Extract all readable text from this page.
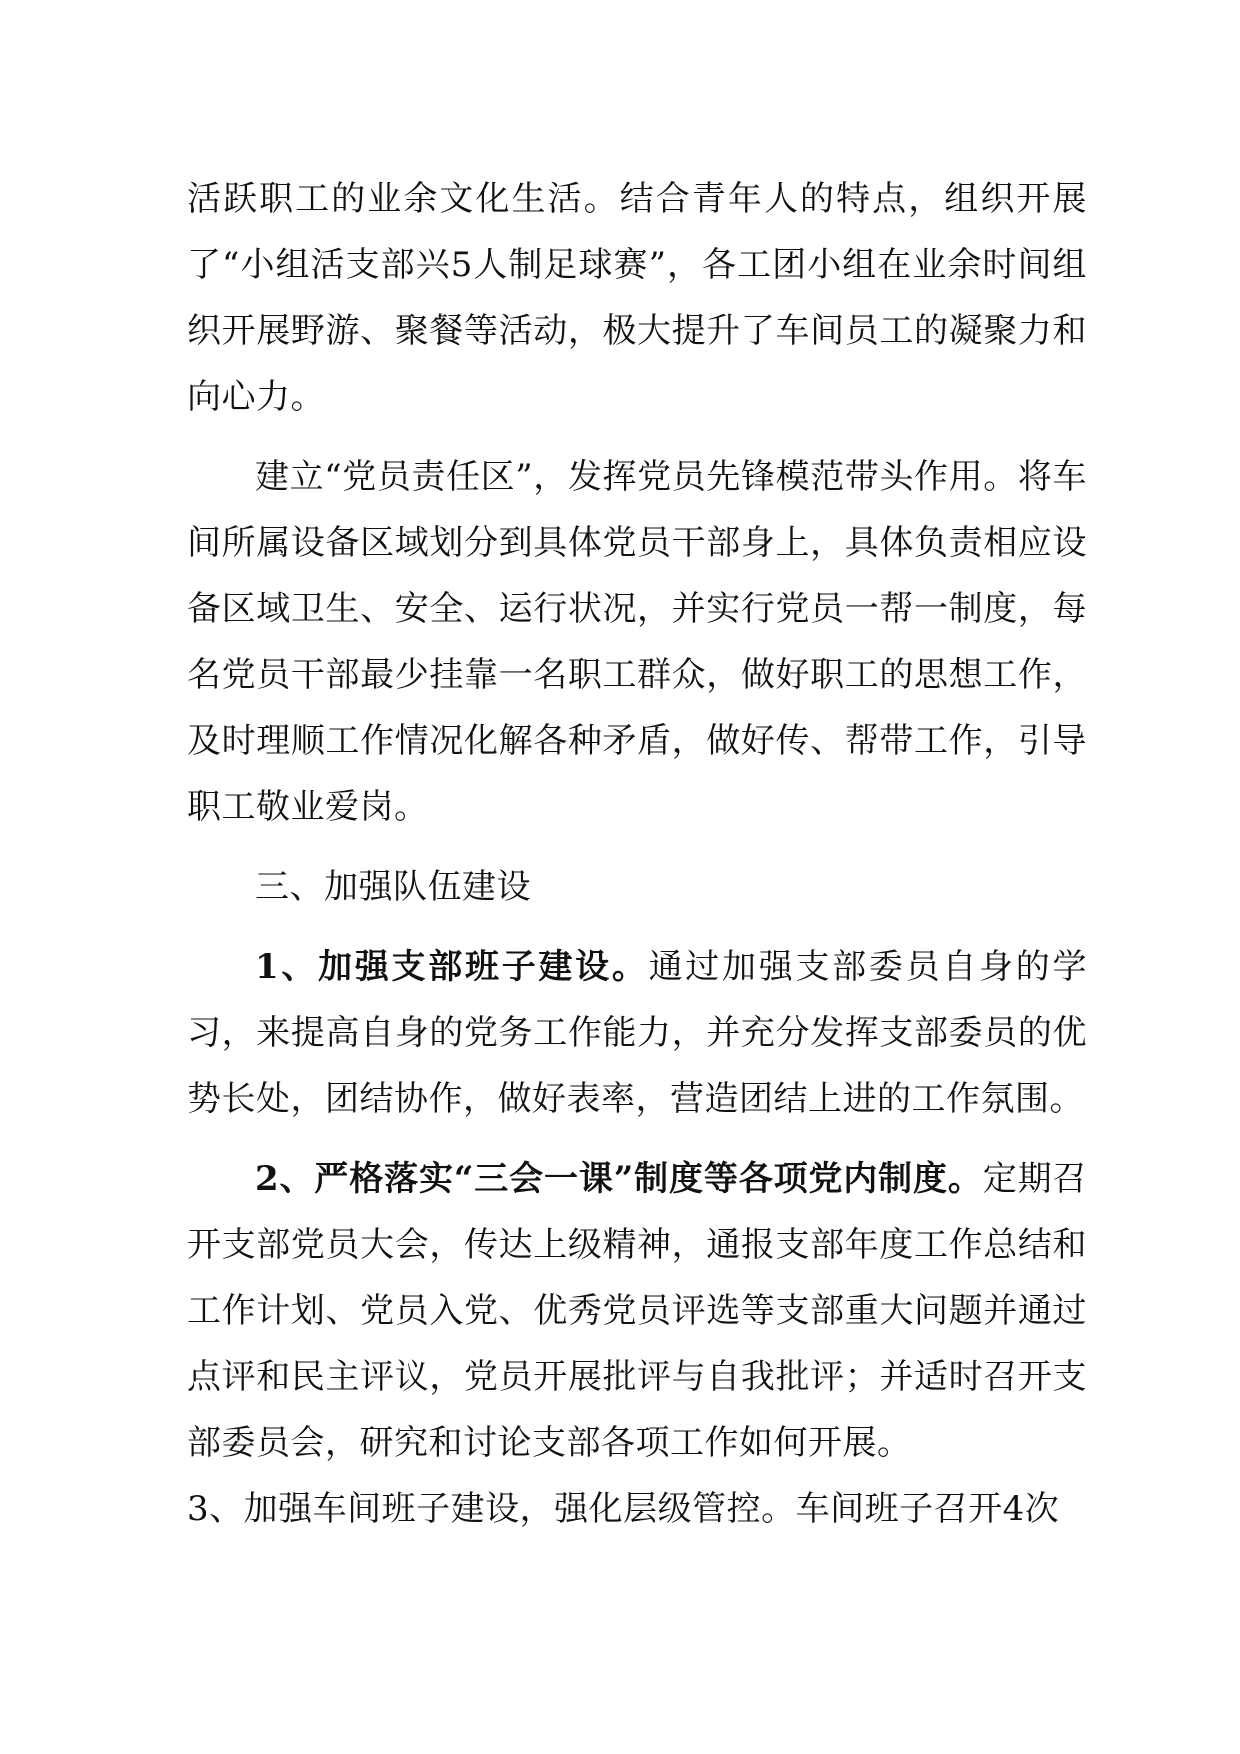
活跃职工的业余文化生活。结合青年人的特点，组织开展了“小组活支部兴5人制足球赛”，各工团小组在业余时间组织开展野游、聚餐等活动，极大提升了车间员工的凝聚力和向心力。

建立“党员责任区”，发挥党员先锋模范带头作用。将车间所属设备区域划分到具体党员干部身上，具体负责相应设备区域卫生、安全、运行状况，并实行党员一帮一制度，每名党员干部最少挂靠一名职工群众，做好职工的思想工作，及时理顺工作情况化解各种矛盾，做好传、帮带工作，引导职工敬业爱岗。

三、加强队伍建设

1、加强支部班子建设。通过加强支部委员自身的学习，来提高自身的党务工作能力，并充分发挥支部委员的优势长处，团结协作，做好表率，营造团结上进的工作氛围。

2、严格落实“三会一课”制度等各项党内制度。定期召开支部党员大会，传达上级精神，通报支部年度工作总结和工作计划、党员入党、优秀党员评选等支部重大问题并通过点评和民主评议，党员开展批评与自我批评；并适时召开支部委员会，研究和讨论支部各项工作如何开展。

3、加强车间班子建设，强化层级管控。车间班子召开4次
